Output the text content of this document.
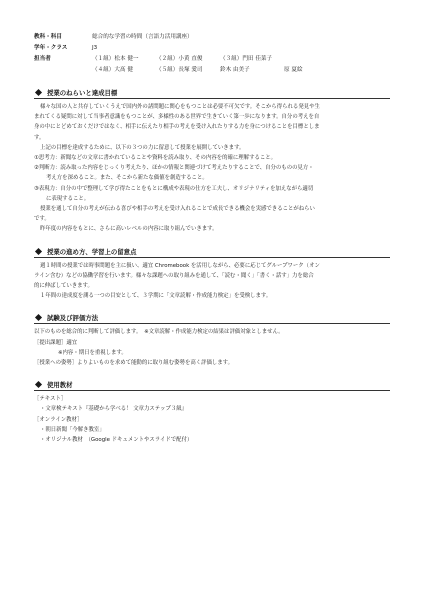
教科・科目	総合的な学習の時間（言語力活用講座）
学年・クラス	J3
担当者	（１組）松本 健一	（２組）小黄 直俊	（３組）門田 佳菜子
（４組）大髙 健	（５組）長塚 愛司	鈴木 由美子	原 夏絵
授業のねらいと達成目標

様々な国の人と共存していくうえで国内外の諸問題に関心をもつことは必要不可欠です。そこから得られる発見や生

まれてくる疑問に対して当事者意識をもつことが、多様性のある世界で生きていく第一歩になります。自分の考えを自

身の中にとどめておくだけではなく、相手に伝えたり相手の考えを受け入れたりする力を身につけることを目標としま

す。

上記の目標を達成するために、以下の３つの力に留意して授業を展開していきます。

①思考力：新聞などの文章に書かれていることや資料を読み取り、その内容を的確に理解すること。

②判断力：読み取った内容をじっくり考えたり、ほかの情報と関連づけて考えたりすることで、自分のものの見方・

考え方を深めること。また、そこから新たな価値を創造すること。

③表現力：自分の中で整理して学び得たことをもとに構成や表現の仕方を工夫し、オリジナリティを加えながら適切

に表現すること。

授業を通して自分の考えが伝わる喜びや相手の考えを受け入れることで成長できる機会を実感できることがねらい

です。

昨年度の内容をもとに、さらに高いレベルの内容に取り組んでいきます。

授業の進め方、学習上の留意点

週１時間の授業では時事問題を主に扱い、適宜 Chromebook を活用しながら、必要に応じてグループワーク（オン

ライン含む）などの協働学習を行います。様々な課題への取り組みを通して、「読む・聞く」「書く・話す」力を総合

的に伸ばしていきます。

１年間の達成度を測る一つの目安として、３学期に「文章読解・作成能力検定」を受検します。

試験及び評価方法

以下のものを総合的に判断して評価します。　※文章読解・作成能力検定の結果は評価対象としません。

［提出課題］適宜

※内容・期日を重視します。

［授業への姿勢］よりよいものを求めて能動的に取り組む姿勢を高く評価します。

使用教材

［テキスト］

・文章検テキスト『基礎から学べる！ 文章力ステップ３級』

［オンライン教材］

・朝日新聞「今解き教室」

・オリジナル教材　（Google ドキュメントやスライドで配付）
